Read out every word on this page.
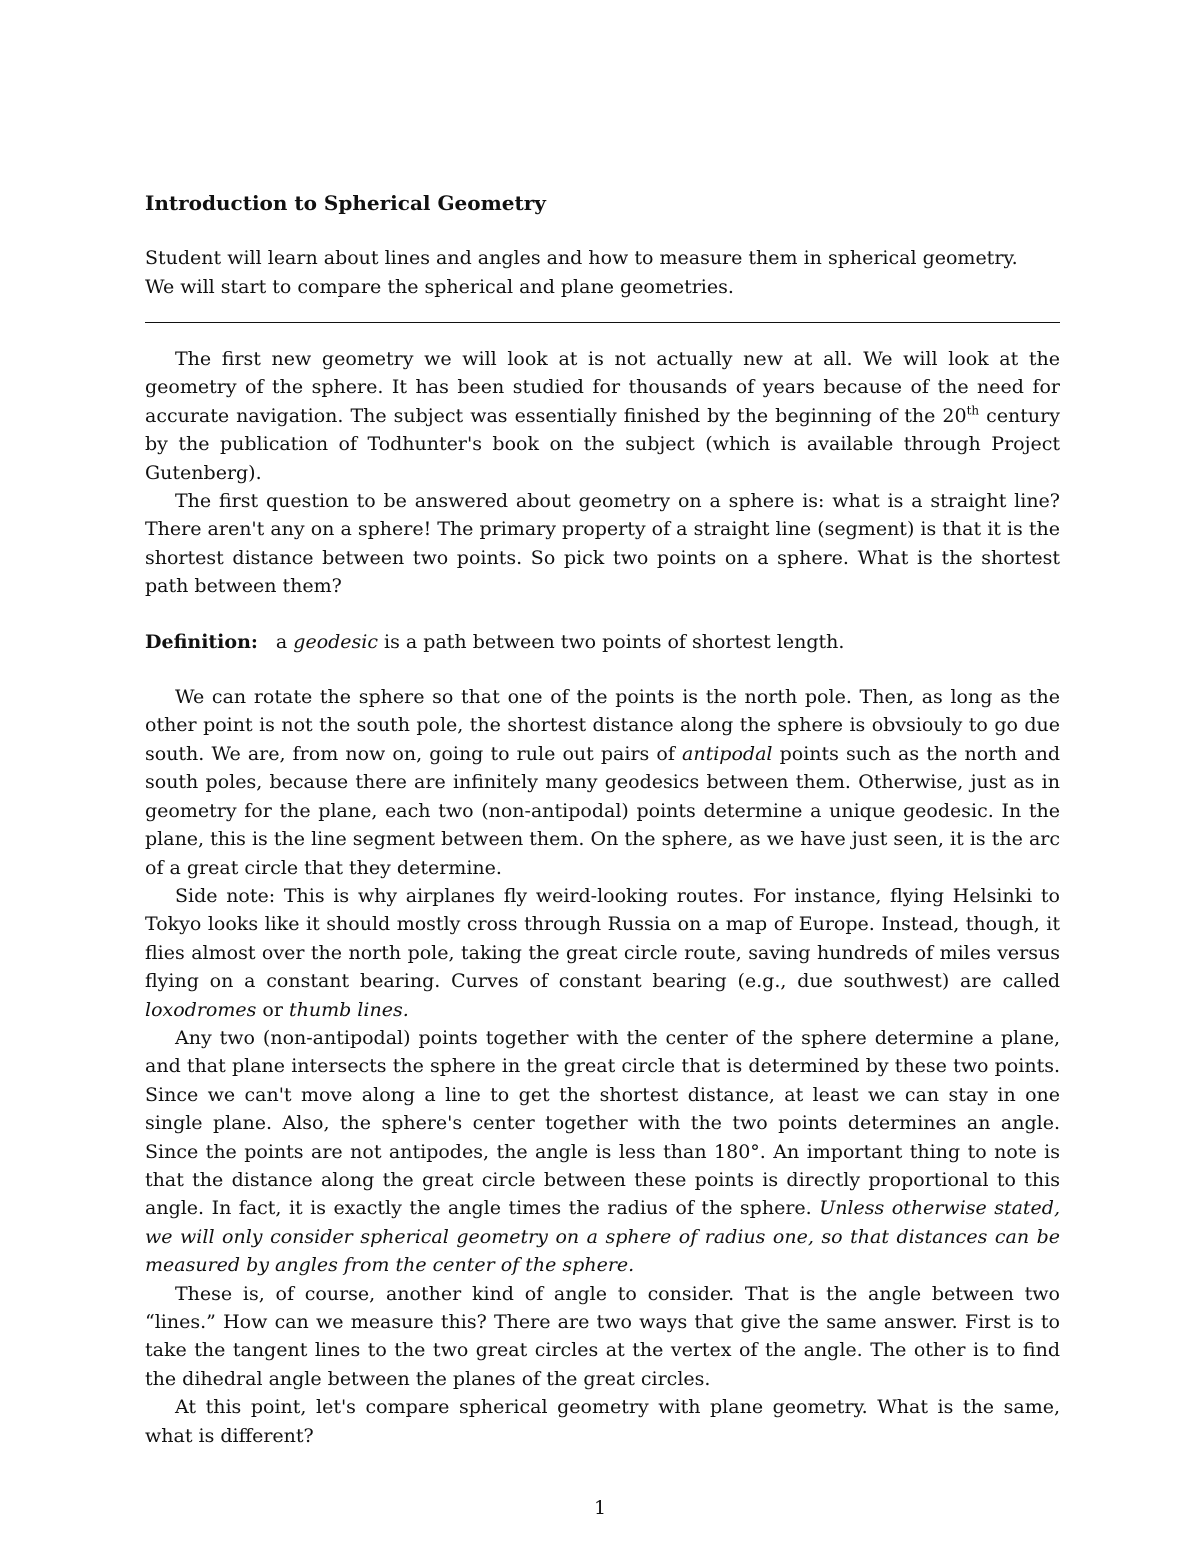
Introduction to Spherical Geometry

Student will learn about lines and angles and how to measure them in spherical geometry.
We will start to compare the spherical and plane geometries.

The first new geometry we will look at is not actually new at all. We will look at the geometry of the sphere. It has been studied for thousands of years because of the need for accurate navigation. The subject was essentially finished by the beginning of the 20th century by the publication of Todhunter's book on the subject (which is available through Project Gutenberg).

The first question to be answered about geometry on a sphere is: what is a straight line? There aren't any on a sphere! The primary property of a straight line (segment) is that it is the shortest distance between two points. So pick two points on a sphere. What is the shortest path between them?

Definition: a geodesic is a path between two points of shortest length.

We can rotate the sphere so that one of the points is the north pole. Then, as long as the other point is not the south pole, the shortest distance along the sphere is obvsiouly to go due south. We are, from now on, going to rule out pairs of antipodal points such as the north and south poles, because there are infinitely many geodesics between them. Otherwise, just as in geometry for the plane, each two (non-antipodal) points determine a unique geodesic. In the plane, this is the line segment between them. On the sphere, as we have just seen, it is the arc of a great circle that they determine.

Side note: This is why airplanes fly weird-looking routes. For instance, flying Helsinki to Tokyo looks like it should mostly cross through Russia on a map of Europe. Instead, though, it flies almost over the north pole, taking the great circle route, saving hundreds of miles versus flying on a constant bearing. Curves of constant bearing (e.g., due southwest) are called loxodromes or thumb lines.

Any two (non-antipodal) points together with the center of the sphere determine a plane, and that plane intersects the sphere in the great circle that is determined by these two points. Since we can't move along a line to get the shortest distance, at least we can stay in one single plane. Also, the sphere's center together with the two points determines an angle. Since the points are not antipodes, the angle is less than 180°. An important thing to note is that the distance along the great circle between these points is directly proportional to this angle. In fact, it is exactly the angle times the radius of the sphere. Unless otherwise stated, we will only consider spherical geometry on a sphere of radius one, so that distances can be measured by angles from the center of the sphere.

These is, of course, another kind of angle to consider. That is the angle between two “lines.” How can we measure this? There are two ways that give the same answer. First is to take the tangent lines to the two great circles at the vertex of the angle. The other is to find the dihedral angle between the planes of the great circles.

At this point, let's compare spherical geometry with plane geometry. What is the same, what is different?

1
